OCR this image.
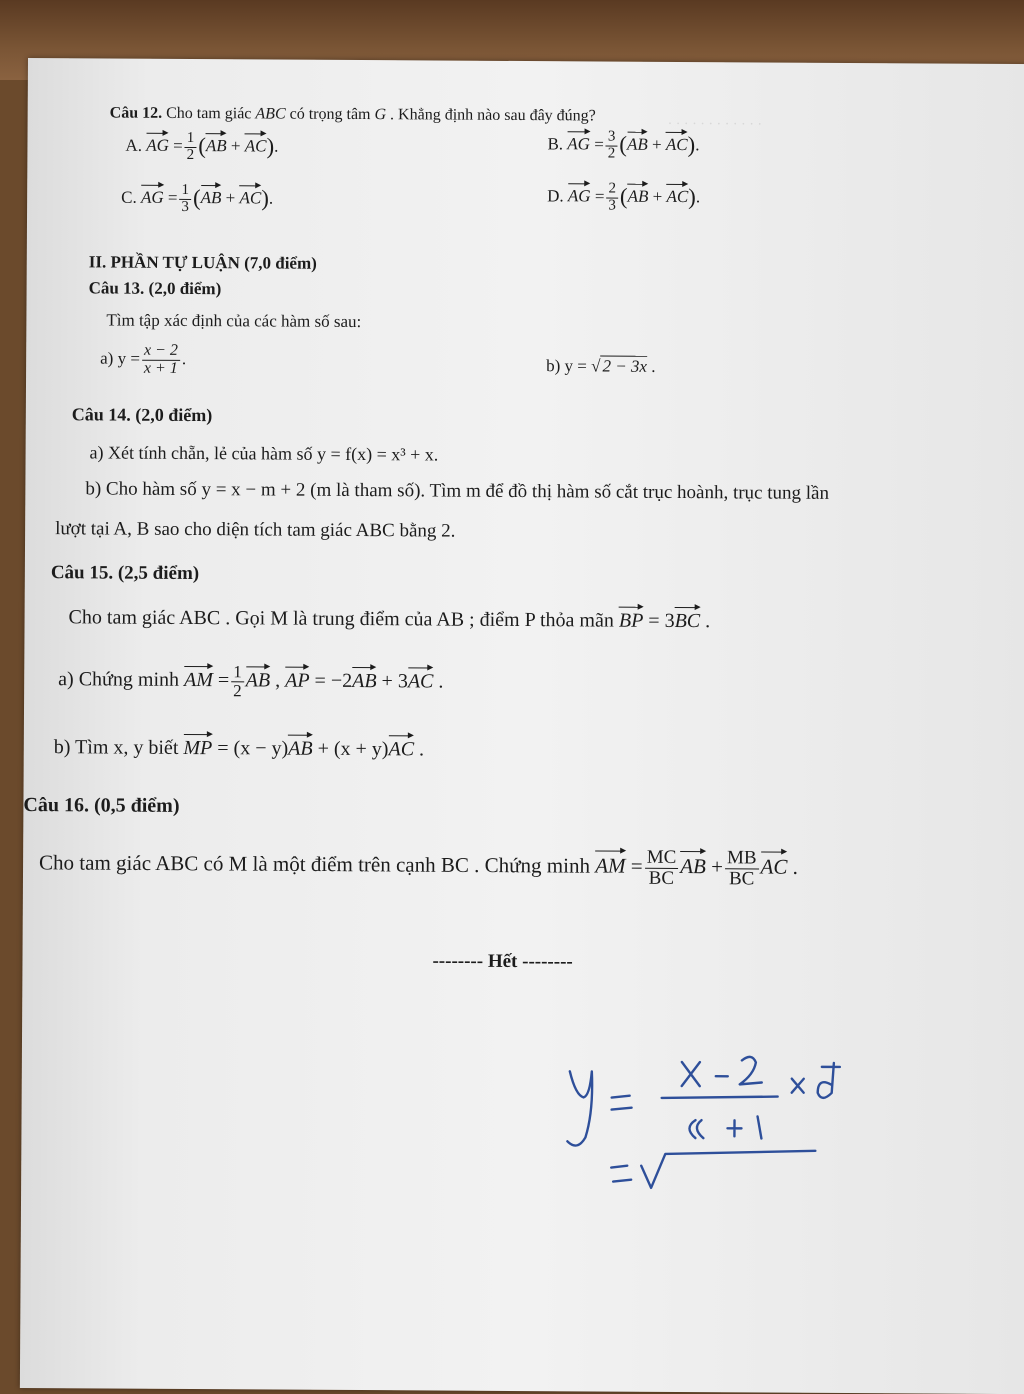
· · · · · · · · · · · ·
Câu 12. Cho tam giác ABC có trọng tâm G . Khẳng định nào sau đây đúng?
A. AG = $\frac{1}{2} (AB + AC)$.	B. AG = $\frac{3}{2} (AB + AC)$.
C. AG = $\frac{1}{3} (AB + AC)$.	D. AG = $\frac{2}{3} (AB + AC)$.
II. PHẦN TỰ LUẬN (7,0 điểm)
Câu 13. (2,0 điểm)
Tìm tập xác định của các hàm số sau:
a) $y = \frac{x - 2}{x + 1}$ .	b) y = √ 2 − 3x .
Câu 14. (2,0 điểm)
a) Xét tính chẵn, lẻ của hàm số y = f(x) = x³ + x.
b) Cho hàm số y = x − m + 2 (m là tham số). Tìm m để đồ thị hàm số cắt trục hoành, trục tung lần
lượt tại A, B sao cho diện tích tam giác ABC bằng 2.
Câu 15. (2,5 điểm)
Cho tam giác ABC . Gọi M là trung điểm của AB ; điểm P thỏa mãn BP = 3BC .
a) Chứng minh AM = $\frac{1}{2}$ AB , AP = −2AB + 3AC .
b) Tìm x, y biết MP = (x − y)AB + (x + y)AC .
Câu 16. (0,5 điểm)
Cho tam giác ABC có M là một điểm trên cạnh BC . Chứng minh AM = $\frac{MC}{BC}$ AB + $\frac{MB}{BC}$ AC .
-------- Hết --------
